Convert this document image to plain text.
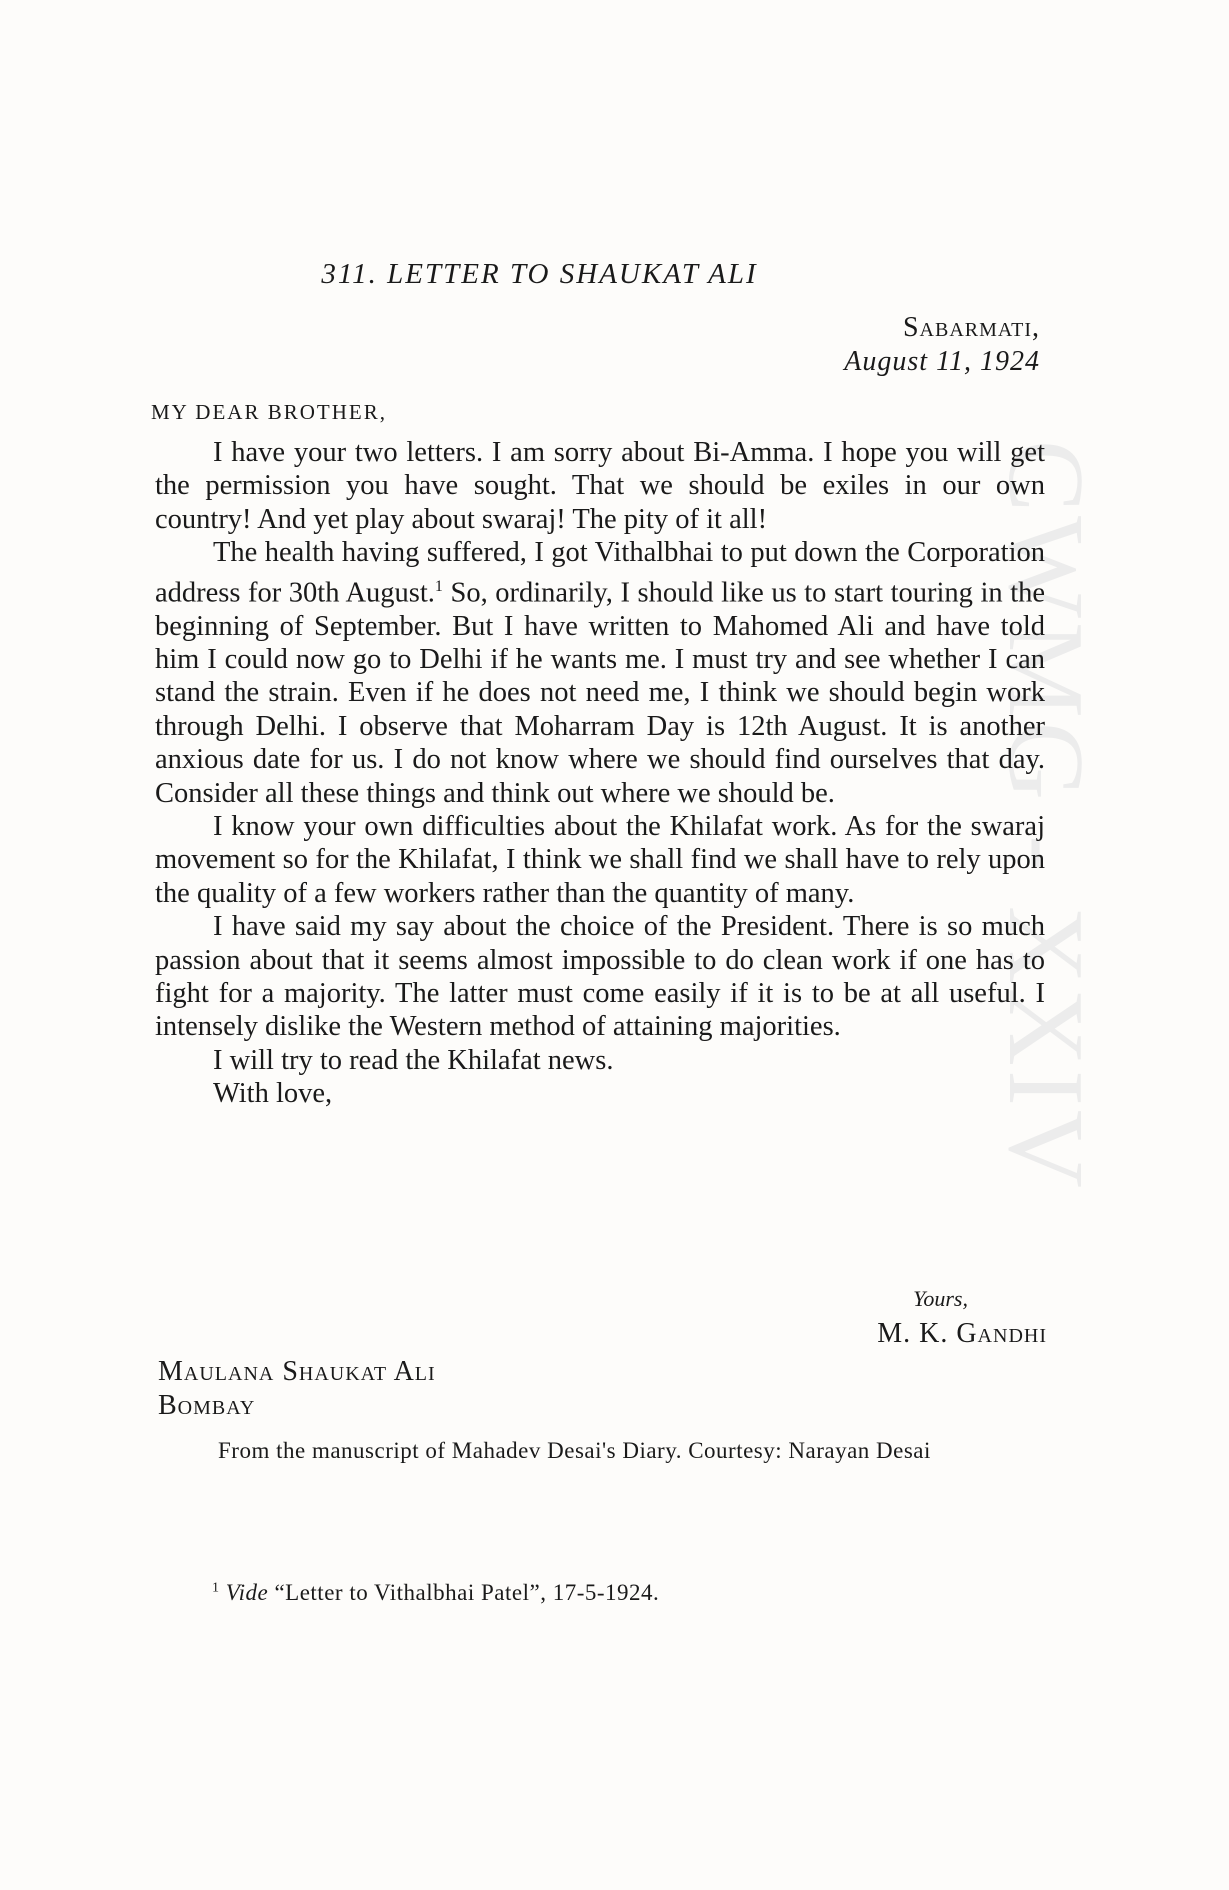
CWMG - XXIV
311. LETTER TO SHAUKAT ALI
Sabarmati,
August 11, 1924
MY DEAR BROTHER,

I have your two letters. I am sorry about Bi-Amma. I hope you will get the permission you have sought. That we should be exiles in our own country! And yet play about swaraj! The pity of it all!

The health having suffered, I got Vithalbhai to put down the Corporation address for 30th August.$^1$ So, ordinarily, I should like us to start touring in the beginning of September. But I have written to Mahomed Ali and have told him I could now go to Delhi if he wants me. I must try and see whether I can stand the strain. Even if he does not need me, I think we should begin work through Delhi. I observe that Moharram Day is 12th August. It is another anxious date for us. I do not know where we should find ourselves that day. Consider all these things and think out where we should be.

I know your own difficulties about the Khilafat work. As for the swaraj movement so for the Khilafat, I think we shall find we shall have to rely upon the quality of a few workers rather than the quantity of many.

I have said my say about the choice of the President. There is so much passion about that it seems almost impossible to do clean work if one has to fight for a majority. The latter must come easily if it is to be at all useful. I intensely dislike the Western method of attaining majorities.

I will try to read the Khilafat news.

With love,

Yours,
M. K. Gandhi
Maulana Shaukat Ali
Bombay
From the manuscript of Mahadev Desai's Diary. Courtesy: Narayan Desai
$^1$ Vide “Letter to Vithalbhai Patel”, 17-5-1924.
